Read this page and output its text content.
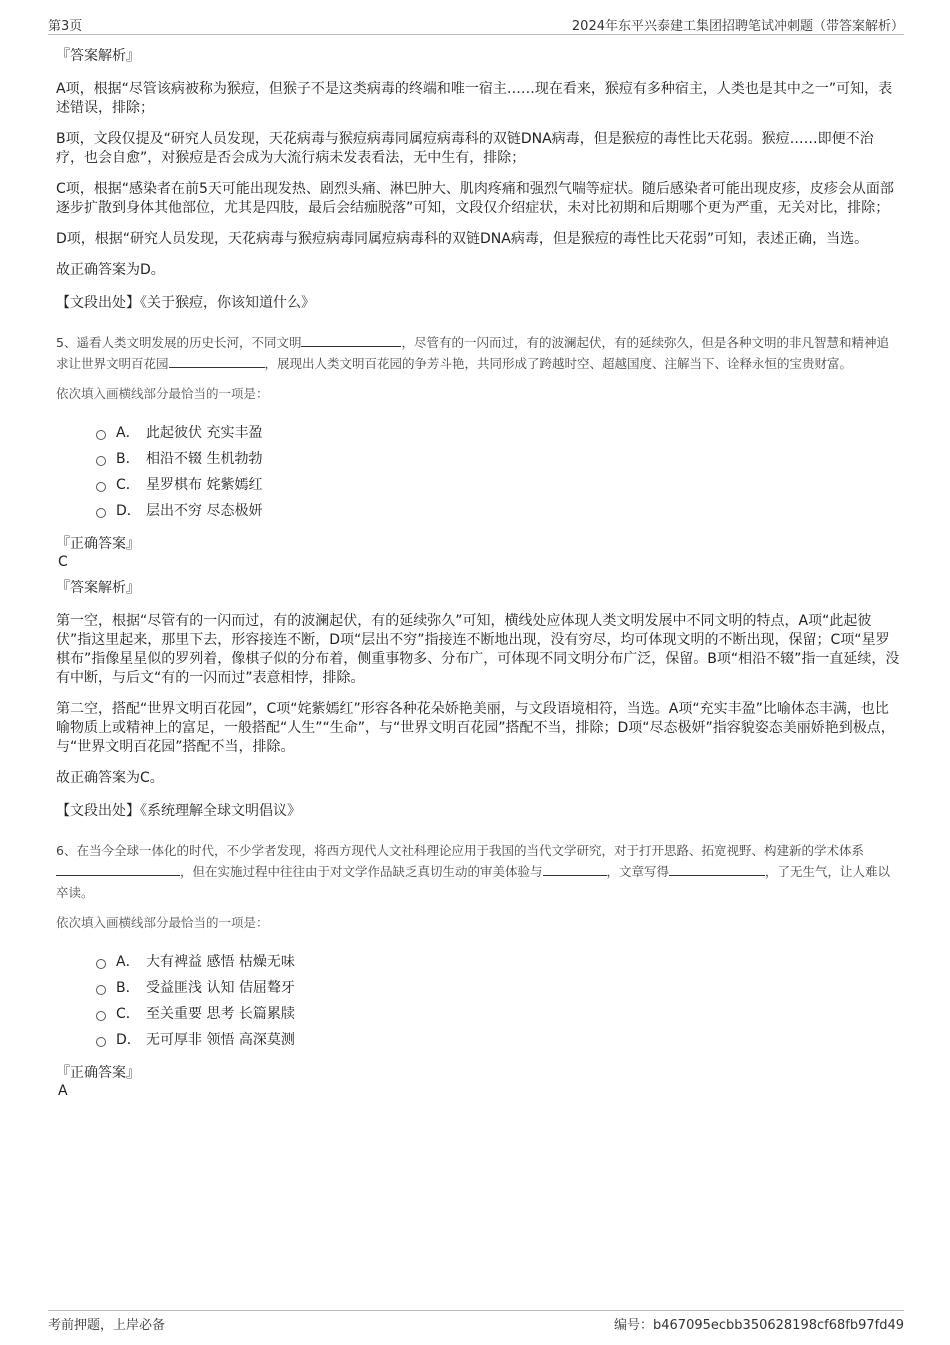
第3页	2024年东平兴泰建工集团招聘笔试冲刺题（带答案解析）

『答案解析』

A项，根据“尽管该病被称为猴痘，但猴子不是这类病毒的终端和唯一宿主……现在看来，猴痘有多种宿主，人类也是其中之一”可知，表述错误，排除；

B项，文段仅提及“研究人员发现，天花病毒与猴痘病毒同属痘病毒科的双链DNA病毒，但是猴痘的毒性比天花弱。猴痘……即便不治疗，也会自愈”，对猴痘是否会成为大流行病未发表看法，无中生有，排除；

C项，根据“感染者在前5天可能出现发热、剧烈头痛、淋巴肿大、肌肉疼痛和强烈气喘等症状。随后感染者可能出现皮疹，皮疹会从面部逐步扩散到身体其他部位，尤其是四肢，最后会结痂脱落”可知，文段仅介绍症状，未对比初期和后期哪个更为严重，无关对比，排除；

D项，根据“研究人员发现，天花病毒与猴痘病毒同属痘病毒科的双链DNA病毒，但是猴痘的毒性比天花弱”可知，表述正确，当选。

故正确答案为D。

【文段出处】《关于猴痘，你该知道什么》

5、遥看人类文明发展的历史长河，不同文明	，尽管有的一闪而过，有的波澜起伏，有的延续弥久，但是各种文明的非凡智慧和精神追求让世界文明百花园	，展现出人类文明百花园的争芳斗艳，共同形成了跨越时空、超越国度、注解当下、诠释永恒的宝贵财富。

依次填入画横线部分最恰当的一项是：

A． 此起彼伏 充实丰盈
B． 相沿不辍 生机勃勃
C． 星罗棋布 姹紫嫣红
D． 层出不穷 尽态极妍

『正确答案』

C

『答案解析』

第一空，根据“尽管有的一闪而过，有的波澜起伏，有的延续弥久”可知，横线处应体现人类文明发展中不同文明的特点，A项“此起彼伏”指这里起来，那里下去，形容接连不断，D项“层出不穷”指接连不断地出现，没有穷尽，均可体现文明的不断出现，保留；C项“星罗棋布”指像星星似的罗列着，像棋子似的分布着，侧重事物多、分布广，可体现不同文明分布广泛，保留。B项“相沿不辍”指一直延续，没有中断，与后文“有的一闪而过”表意相悖，排除。

第二空，搭配“世界文明百花园”，C项“姹紫嫣红”形容各种花朵娇艳美丽，与文段语境相符，当选。A项“充实丰盈”比喻体态丰满，也比喻物质上或精神上的富足，一般搭配“人生”“生命”，与“世界文明百花园”搭配不当，排除；D项“尽态极妍”指容貌姿态美丽娇艳到极点，与“世界文明百花园”搭配不当，排除。

故正确答案为C。

【文段出处】《系统理解全球文明倡议》

6、在当今全球一体化的时代，不少学者发现，将西方现代人文社科理论应用于我国的当代文学研究，对于打开思路、拓宽视野、构建新的学术体系，但在实施过程中往往由于对文学作品缺乏真切生动的审美体验与	，文章写得	，了无生气，让人难以卒读。

依次填入画横线部分最恰当的一项是：

A． 大有裨益 感悟 枯燥无味
B． 受益匪浅 认知 佶屈聱牙
C． 至关重要 思考 长篇累牍
D． 无可厚非 领悟 高深莫测

『正确答案』

A

考前押题，上岸必备	编号：b467095ecbb350628198cf68fb97fd49
